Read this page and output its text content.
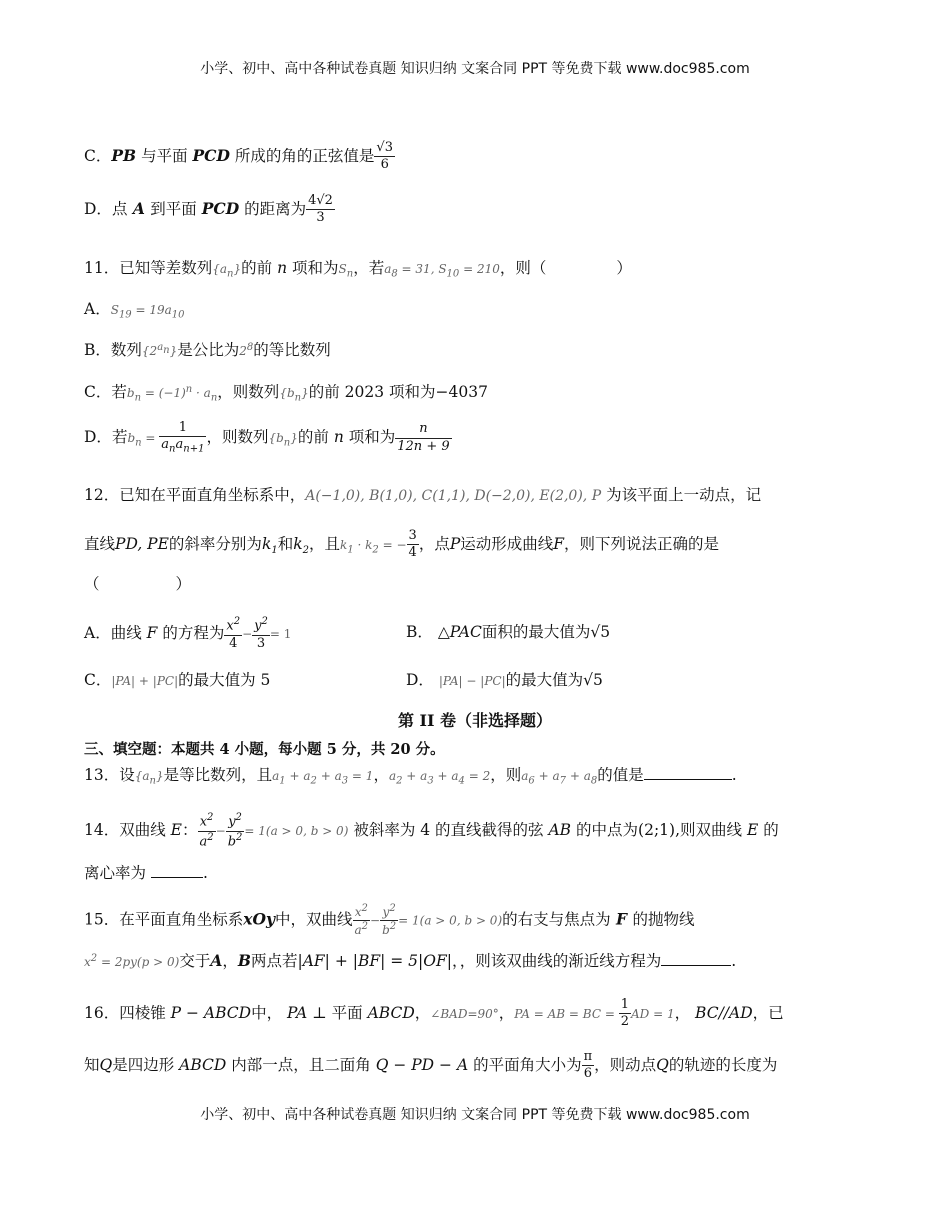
小学、初中、高中各种试卷真题 知识归纳 文案合同 PPT 等免费下载 www.doc985.com
C．PB 与平面 PCD 所成的角的正弦值是 $\frac{√3}{6}$
D．点 A 到平面 PCD 的距离为 $\frac{4√2}{3}$
11．已知等差数列$\{a_n\}$的前 n 项和为$S_n$，若$a_8 = 31$, $S_{10} = 210$，则（	）
A．$S_{19} = 19a_{10}$
B．数列$\{2^{a_n}\}$是公比为$2^8$的等比数列
C．若$b_n = (-1)^n \cdot a_n$，则数列$\{b_n\}$的前 2023 项和为−4037
D．若$b_n = \frac{1}{a_na_{n+1}}$ ，则数列$\{b_n\}$的前 n 项和为 $\frac{n}{12n + 9}$
12．已知在平面直角坐标系中，A(−1,0), B(1,0), C(1,1), D(−2,0), E(2,0), P 为该平面上一动点，记
直线PD, PE的斜率分别为$k_1$和$k_2$，且$k_1 \cdot k_2$ = − $\frac{3}{4}$ ，点P运动形成曲线F，则下列说法正确的是
（	）
A．曲线 F 的方程为 $\frac{x^2}{4} - \frac{y^2}{3} = 1$	B． △PAC面积的最大值为√5
C．|PA| + |PC|的最大值为 5	D． |PA| − |PC|的最大值为√5
第 II 卷（非选择题）
三、填空题：本题共 4 小题，每小题 5 分，共 20 分。
13．设$\{a_n\}$是等比数列，且$a_1 + a_2 + a_3 = 1$，$a_2 + a_3 + a_4 = 2$，则$a_6 + a_7 + a_8$的值是	.
14．双曲线 E： $\frac{x^2}{a^2} - \frac{y^2}{b^2} = 1(a > 0$, b > 0) 被斜率为 4 的直线截得的弦 AB 的中点为(2;1),则双曲线 E 的
离心率为	.
15．在平面直角坐标系xOy中，双曲线 $\frac{x^2}{a^2} - \frac{y^2}{b^2} = 1(a > 0$, b > 0)的右支与焦点为 F 的抛物线
$x^2 = 2py(p > 0)$交于A，B两点若|AF| + |BF| = 5|OF|，，则该双曲线的渐近线方程为	.
16．四棱锥 P − ABCD中， PA ⊥ 平面 ABCD，∠BAD=90°，PA = AB = BC = $\frac{1}{2}$ AD = 1， BC//AD，已
知Q是四边形 ABCD 内部一点，且二面角 Q − PD − A 的平面角大小为 $\frac{\pi}{6}$ ，则动点Q的轨迹的长度为
小学、初中、高中各种试卷真题 知识归纳 文案合同 PPT 等免费下载 www.doc985.com
